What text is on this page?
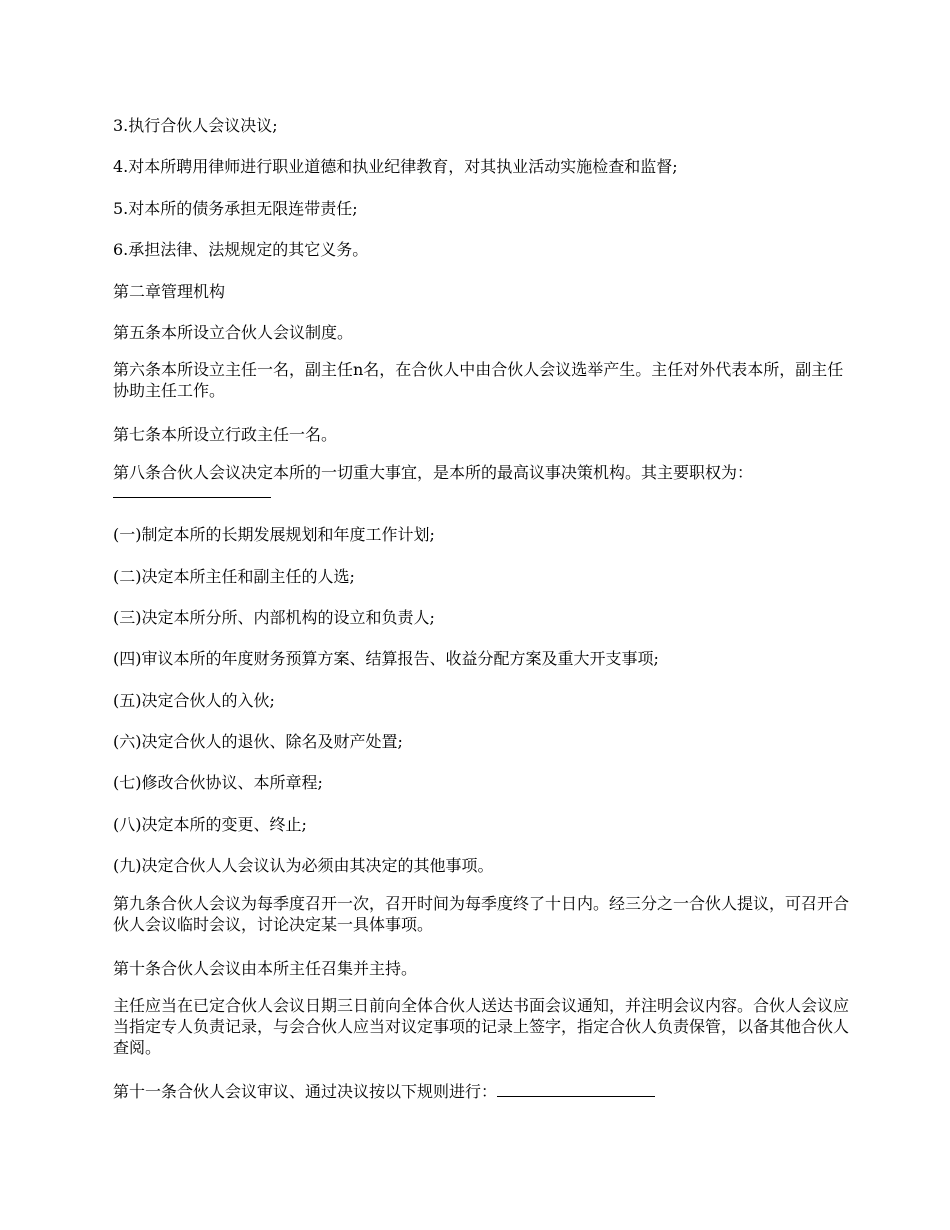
3.执行合伙人会议决议;

4.对本所聘用律师进行职业道德和执业纪律教育，对其执业活动实施检查和监督;

5.对本所的债务承担无限连带责任;

6.承担法律、法规规定的其它义务。

第二章管理机构

第五条本所设立合伙人会议制度。

第六条本所设立主任一名，副主任n名，在合伙人中由合伙人会议选举产生。主任对外代表本所，副主任协助主任工作。

第七条本所设立行政主任一名。

第八条合伙人会议决定本所的一切重大事宜，是本所的最高议事决策机构。其主要职权为：

(一)制定本所的长期发展规划和年度工作计划;

(二)决定本所主任和副主任的人选;

(三)决定本所分所、内部机构的设立和负责人;

(四)审议本所的年度财务预算方案、结算报告、收益分配方案及重大开支事项;

(五)决定合伙人的入伙;

(六)决定合伙人的退伙、除名及财产处置;

(七)修改合伙协议、本所章程;

(八)决定本所的变更、终止;

(九)决定合伙人人会议认为必须由其决定的其他事项。

第九条合伙人会议为每季度召开一次，召开时间为每季度终了十日内。经三分之一合伙人提议，可召开合伙人会议临时会议，讨论决定某一具体事项。

第十条合伙人会议由本所主任召集并主持。

主任应当在已定合伙人会议日期三日前向全体合伙人送达书面会议通知，并注明会议内容。合伙人会议应当指定专人负责记录，与会合伙人应当对议定事项的记录上签字，指定合伙人负责保管，以备其他合伙人查阅。

第十一条合伙人会议审议、通过决议按以下规则进行：
